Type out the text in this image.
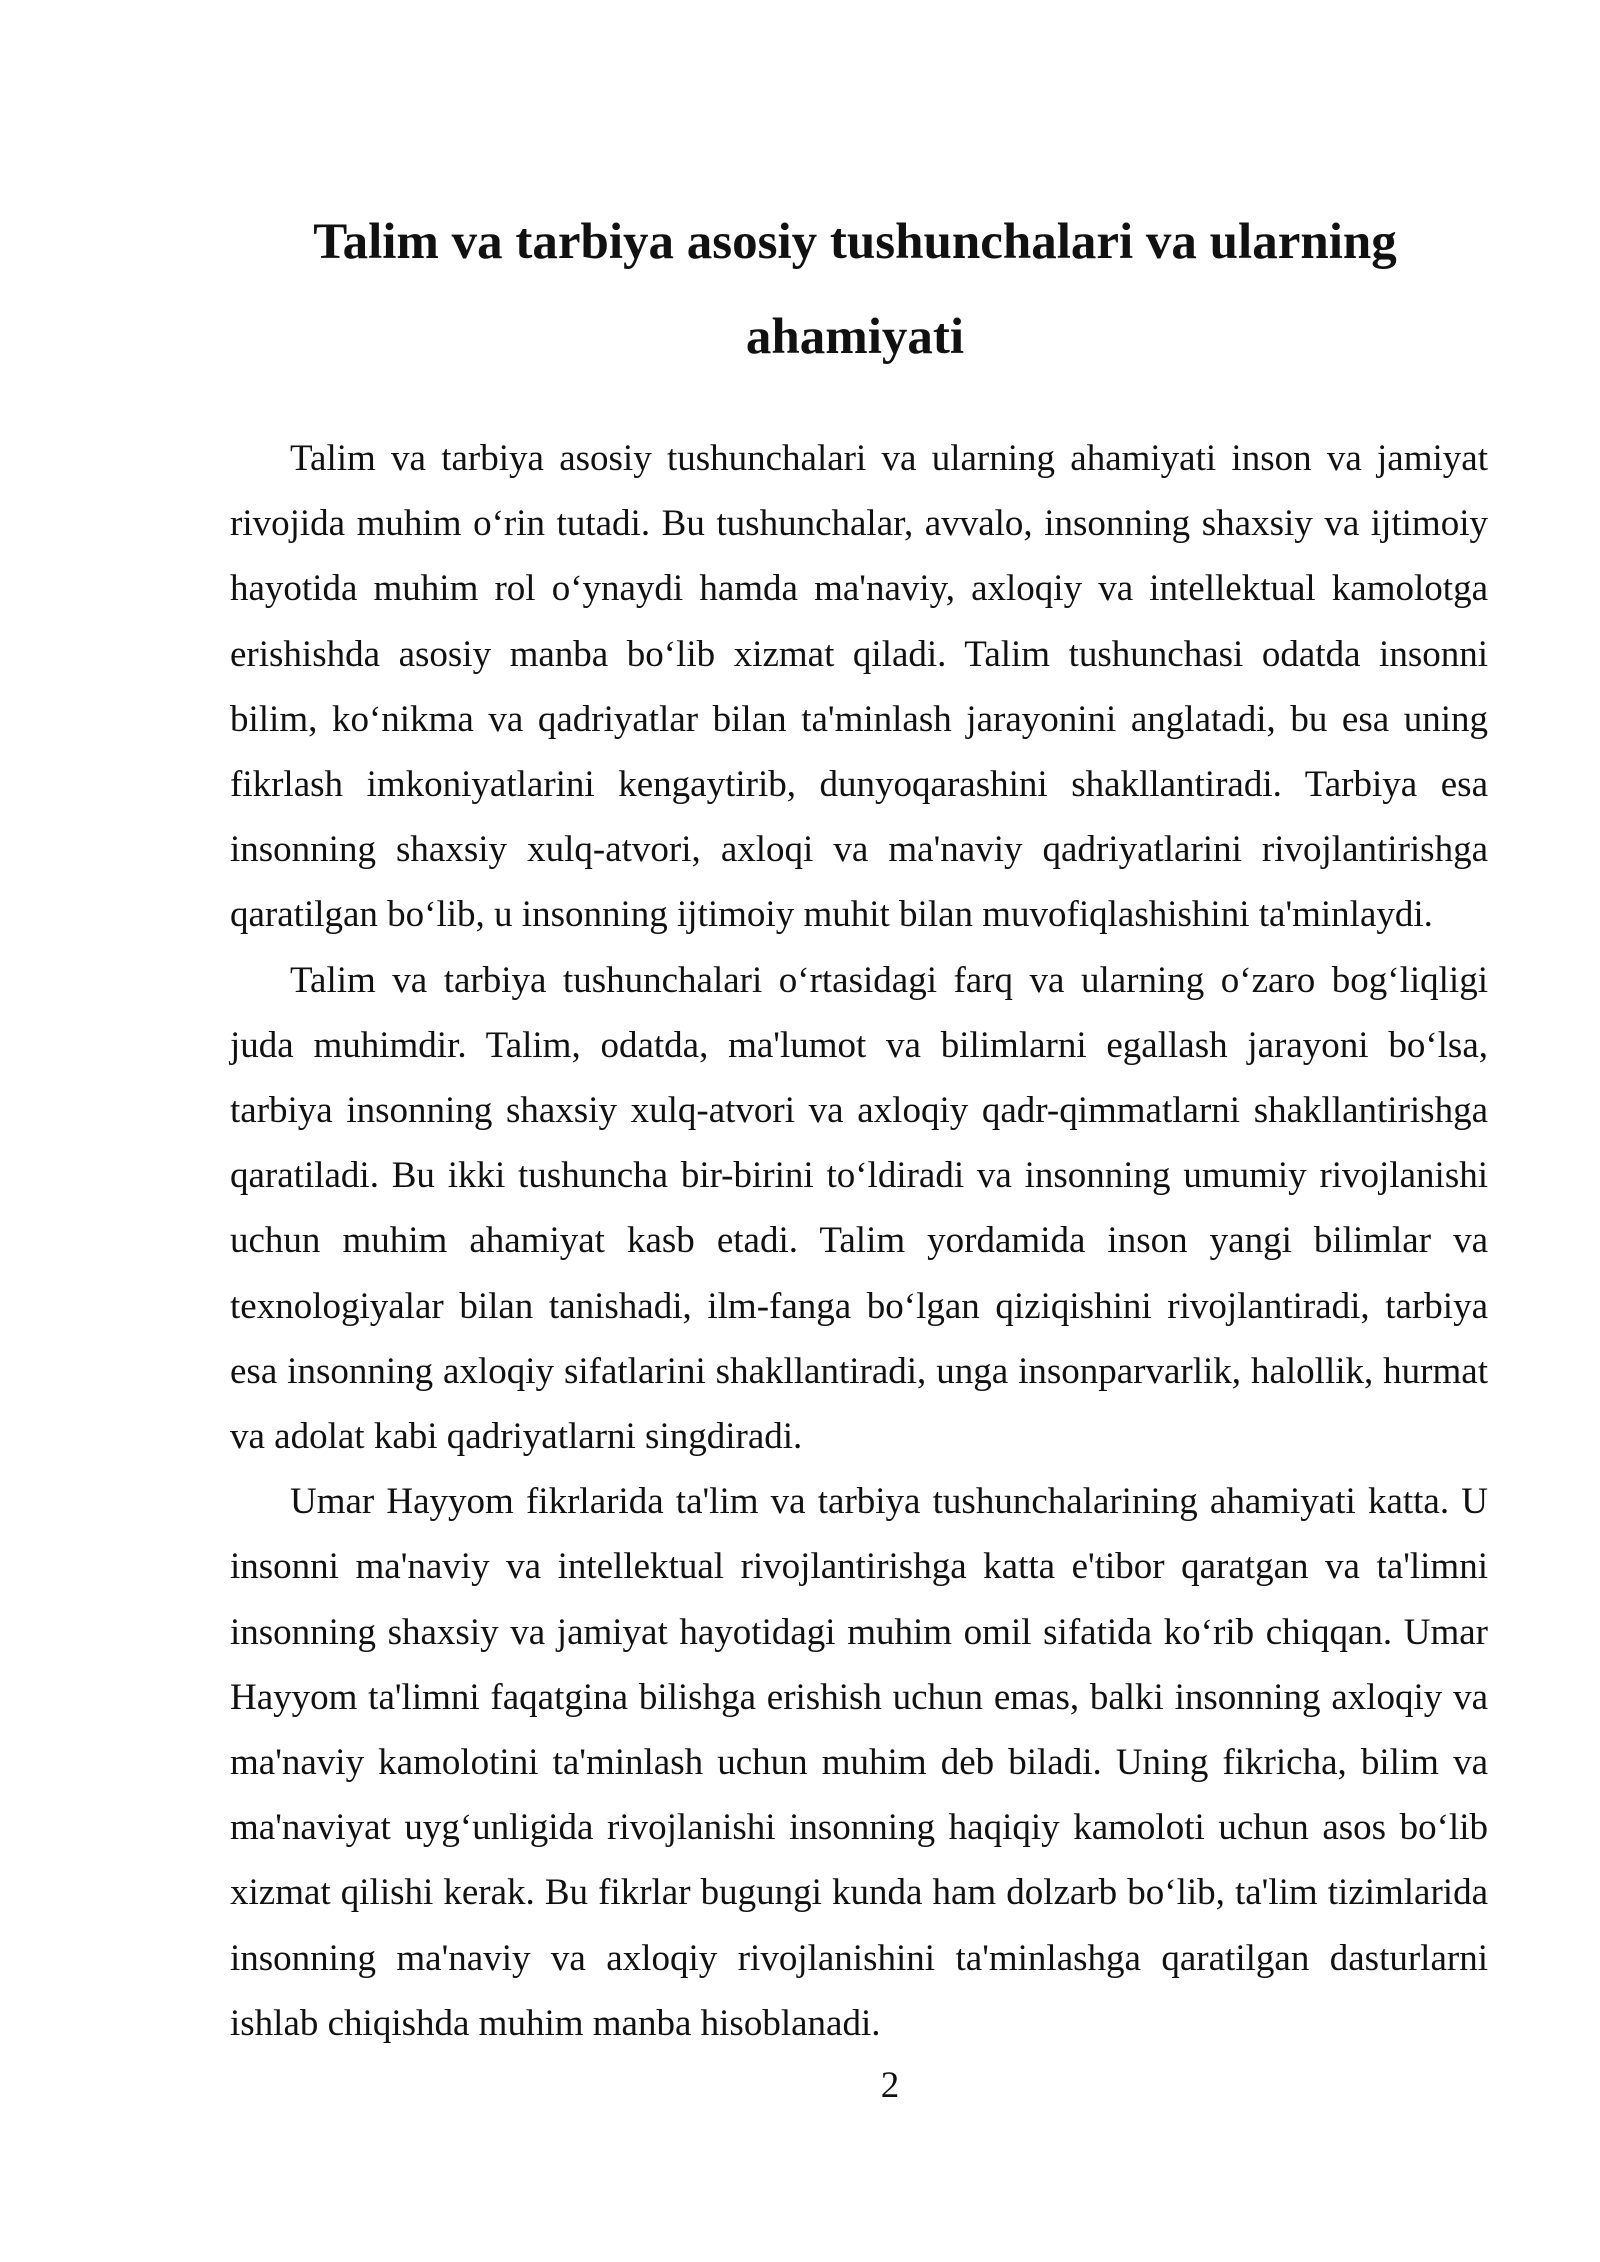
Talim va tarbiya asosiy tushunchalari va ularning ahamiyati

Talim va tarbiya asosiy tushunchalari va ularning ahamiyati inson va jamiyat rivojida muhim o‘rin tutadi. Bu tushunchalar, avvalo, insonning shaxsiy va ijtimoiy hayotida muhim rol o‘ynaydi hamda ma'naviy, axloqiy va intellektual kamolotga erishishda asosiy manba bo‘lib xizmat qiladi. Talim tushunchasi odatda insonni bilim, ko‘nikma va qadriyatlar bilan ta'minlash jarayonini anglatadi, bu esa uning fikrlash imkoniyatlarini kengaytirib, dunyoqarashini shakllantiradi. Tarbiya esa insonning shaxsiy xulq-atvori, axloqi va ma'naviy qadriyatlarini rivojlantirishga qaratilgan bo‘lib, u insonning ijtimoiy muhit bilan muvofiqlashishini ta'minlaydi.

Talim va tarbiya tushunchalari o‘rtasidagi farq va ularning o‘zaro bog‘liqligi juda muhimdir. Talim, odatda, ma'lumot va bilimlarni egallash jarayoni bo‘lsa, tarbiya insonning shaxsiy xulq-atvori va axloqiy qadr-qimmatlarni shakllantirishga qaratiladi. Bu ikki tushuncha bir-birini to‘ldiradi va insonning umumiy rivojlanishi uchun muhim ahamiyat kasb etadi. Talim yordamida inson yangi bilimlar va texnologiyalar bilan tanishadi, ilm-fanga bo‘lgan qiziqishini rivojlantiradi, tarbiya esa insonning axloqiy sifatlarini shakllantiradi, unga insonparvarlik, halollik, hurmat va adolat kabi qadriyatlarni singdiradi.

Umar Hayyom fikrlarida ta'lim va tarbiya tushunchalarining ahamiyati katta. U insonni ma'naviy va intellektual rivojlantirishga katta e'tibor qaratgan va ta'limni insonning shaxsiy va jamiyat hayotidagi muhim omil sifatida ko‘rib chiqqan. Umar Hayyom ta'limni faqatgina bilishga erishish uchun emas, balki insonning axloqiy va ma'naviy kamolotini ta'minlash uchun muhim deb biladi. Uning fikricha, bilim va ma'naviyat uyg‘unligida rivojlanishi insonning haqiqiy kamoloti uchun asos bo‘lib xizmat qilishi kerak. Bu fikrlar bugungi kunda ham dolzarb bo‘lib, ta'lim tizimlarida insonning ma'naviy va axloqiy rivojlanishini ta'minlashga qaratilgan dasturlarni ishlab chiqishda muhim manba hisoblanadi.

2
